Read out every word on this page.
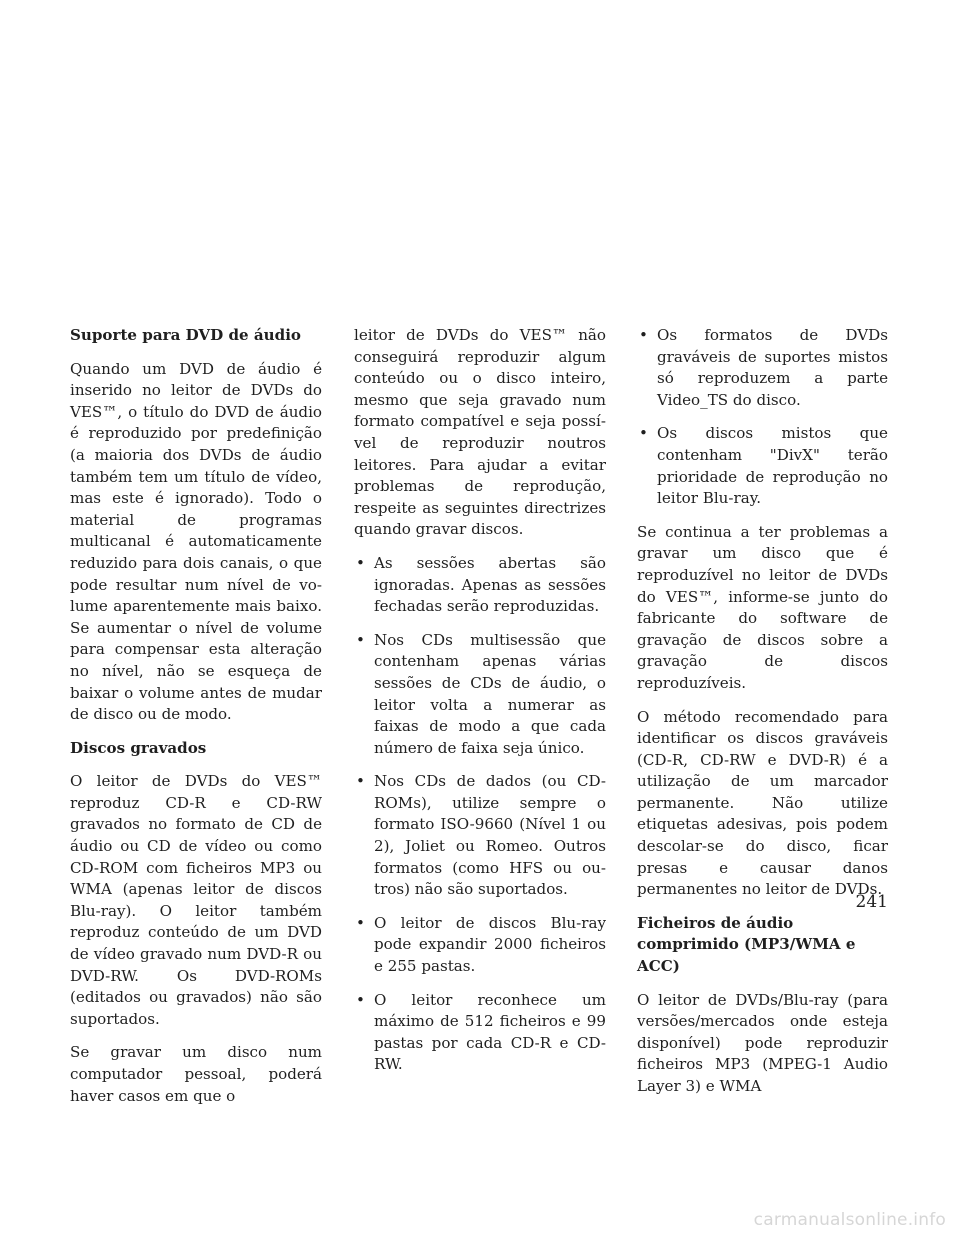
Suporte para DVD de áudio

Quando um DVD de áudio é inserido no leitor de DVDs do VES™, o título do DVD de áudio é reproduzido por predefinição (a maioria dos DVDs de áudio também tem um título de vídeo, mas este é ignorado). Todo o material de programas multicanal é automaticamente reduzido para dois canais, o que pode resultar num nível de volume aparentemente mais baixo. Se aumentar o nível de volume para compensar esta alteração no nível, não se esqueça de baixar o volume antes de mudar de disco ou de modo.

Discos gravados

O leitor de DVDs do VES™ reproduz CD-R e CD-RW gravados no formato de CD de áudio ou CD de vídeo ou como CD-ROM com ficheiros MP3 ou WMA (apenas leitor de discos Blu-ray). O leitor também reproduz conteúdo de um DVD de vídeo gravado num DVD-R ou DVD-RW. Os DVD-ROMs (editados ou gravados) não são suportados.

Se gravar um disco num computador pessoal, poderá haver casos em que o

leitor de DVDs do VES™ não conseguirá reproduzir algum conteúdo ou o disco inteiro, mesmo que seja gravado num formato compatível e seja possível de reproduzir noutros leitores. Para ajudar a evitar problemas de reprodução, respeite as seguintes directrizes quando gravar discos.

• As sessões abertas são ignoradas. Apenas as sessões fechadas serão reproduzidas.
• Nos CDs multisessão que contenham apenas várias sessões de CDs de áudio, o leitor volta a numerar as faixas de modo a que cada número de faixa seja único.
• Nos CDs de dados (ou CD-ROMs), utilize sempre o formato ISO-9660 (Nível 1 ou 2), Joliet ou Romeo. Outros formatos (como HFS ou outros) não são suportados.
• O leitor de discos Blu-ray pode expandir 2000 ficheiros e 255 pastas.
• O leitor reconhece um máximo de 512 ficheiros e 99 pastas por cada CD-R e CD-RW.
• Os formatos de DVDs graváveis de suportes mistos só reproduzem a parte Video_TS do disco.
• Os discos mistos que contenham "DivX" terão prioridade de reprodução no leitor Blu-ray.

Se continua a ter problemas a gravar um disco que é reproduzível no leitor de DVDs do VES™, informe-se junto do fabricante do software de gravação de discos sobre a gravação de discos reproduzíveis.

O método recomendado para identificar os discos graváveis (CD-R, CD-RW e DVD-R) é a utilização de um marcador permanente. Não utilize etiquetas adesivas, pois podem descolar-se do disco, ficar presas e causar danos permanentes no leitor de DVDs.

Ficheiros de áudio comprimido (MP3/WMA e ACC)

O leitor de DVDs/Blu-ray (para versões/mercados onde esteja disponível) pode reproduzir ficheiros MP3 (MPEG-1 Audio Layer 3) e WMA

241
carmanualsonline.info
